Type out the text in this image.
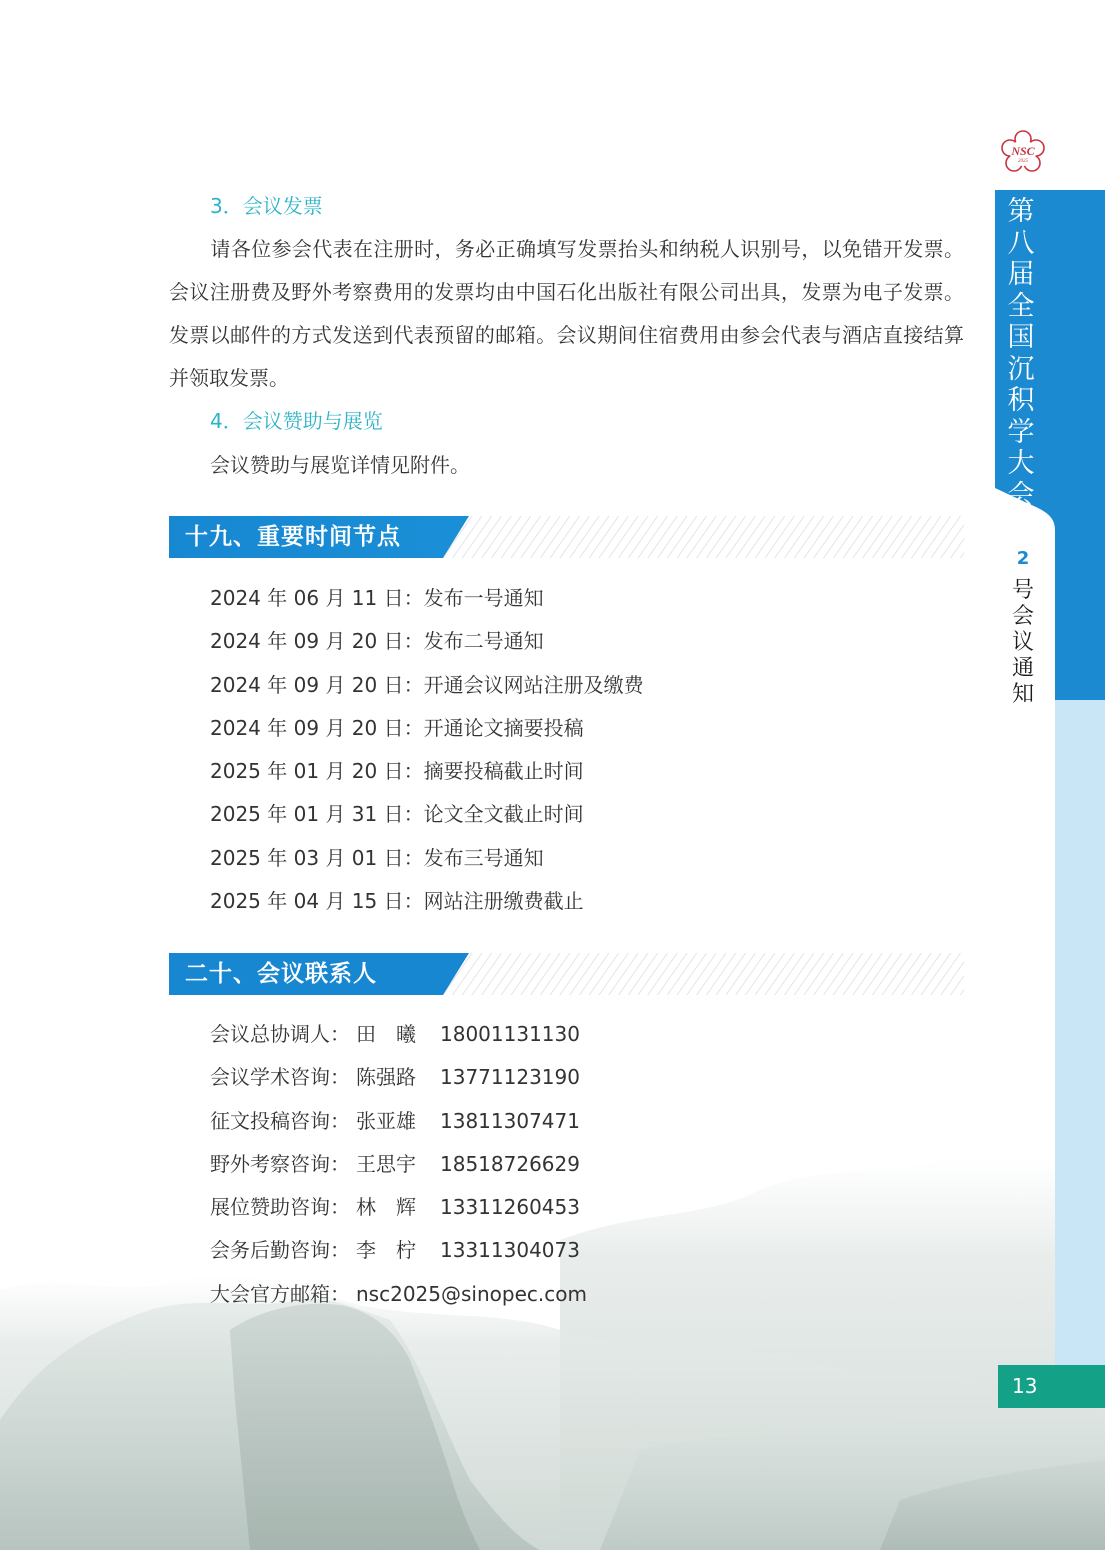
NSC
2025
第
八
届
全
国
沉
积
学
大
会
2
号
会
议
通
知
13
3．会议发票
请各位参会代表在注册时，务必正确填写发票抬头和纳税人识别号，以免错开发票。会议注册费及野外考察费用的发票均由中国石化出版社有限公司出具，发票为电子发票。发票以邮件的方式发送到代表预留的邮箱。会议期间住宿费用由参会代表与酒店直接结算并领取发票。
4．会议赞助与展览
会议赞助与展览详情见附件。
十九、重要时间节点
2024 年 06 月 11 日：发布一号通知
2024 年 09 月 20 日：发布二号通知
2024 年 09 月 20 日：开通会议网站注册及缴费
2024 年 09 月 20 日：开通论文摘要投稿
2025 年 01 月 20 日：摘要投稿截止时间
2025 年 01 月 31 日：论文全文截止时间
2025 年 03 月 01 日：发布三号通知
2025 年 04 月 15 日：网站注册缴费截止
二十、会议联系人
会议总协调人： 田　曦 18001131130
会议学术咨询： 陈强路 13771123190
征文投稿咨询： 张亚雄 13811307471
野外考察咨询： 王思宇 18518726629
展位赞助咨询： 林　辉 13311260453
会务后勤咨询： 李　柠 13311304073
大会官方邮箱： nsc2025@sinopec.com
